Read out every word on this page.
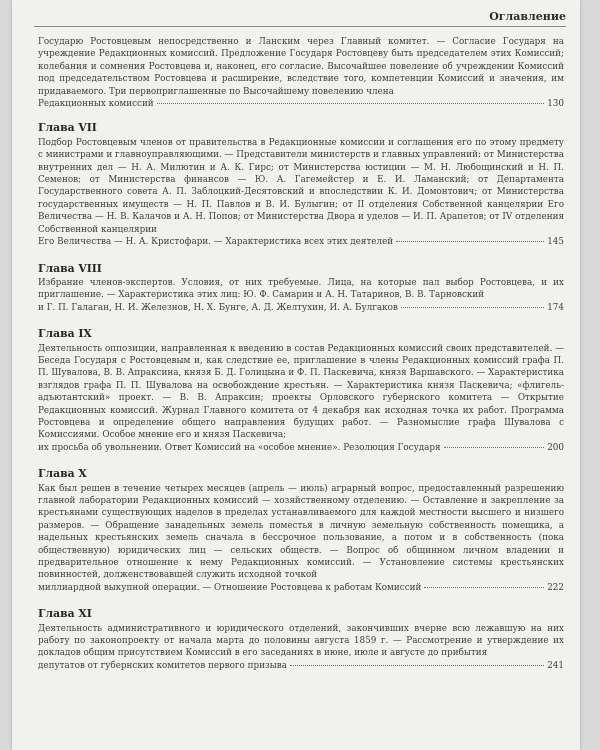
Оглавление
Государю Ростовцевым непосредственно и Ланским через Главный комитет. — Согласие Государя на учреждение Редакционных комиссий. Предложение Государя Ростовцеву быть председателем этих Комиссий; колебания и сомнения Ростовцева и, наконец, его согласие. Высочайшее повеление об учреждении Комиссий под председательством Ростовцева и расширение, вследствие того, компетенции Комиссий и значения, им придаваемого. Три первоприглашенные по Высочайшему повелению члена
Редакционных комиссий	130
Глава VII
Подбор Ростовцевым членов от правительства в Редакционные комиссии и соглашения его по этому предмету с министрами и главноуправляющими. — Представители министерств и главных управлений: от Министерства внутренних дел — Н. А. Милютин и А. К. Гирс; от Министерства юстиции — М. Н. Любощинский и Н. П. Семенов; от Министерства финансов — Ю. А. Гагемейстер и Е. И. Ламанский; от Департамента Государственного совета А. П. Заблоцкий-Десятовский и впоследствии К. И. Домонтович; от Министерства государственных имуществ — Н. П. Павлов и В. И. Булыгин; от II отделения Собственной канцелярии Его Величества — Н. В. Калачов и А. Н. Попов; от Министерства Двора и уделов — И. П. Арапетов; от IV отделения Собственной канцелярии
Его Величества — Н. А. Кристофари. — Характеристика всех этих деятелей	145
Глава VIII
Избрание членов-экспертов. Условия, от них требуемые. Лица, на которые пал выбор Ростовцева, и их приглашение. — Характеристика этих лиц: Ю. Ф. Самарин и А. Н. Татаринов, В. В. Тарновский
и Г. П. Галаган, Н. И. Железнов, Н. Х. Бунге, А. Д. Желтухин, И. А. Булгаков	174
Глава IX
Деятельность оппозиции, направленная к введению в состав Редакционных комиссий своих представителей. — Беседа Государя с Ростовцевым и, как следствие ее, приглашение в члены Редакционных комиссий графа П. П. Шувалова, В. В. Апраксина, князя Б. Д. Голицына и Ф. П. Паскевича, князя Варшавского. — Характеристика взглядов графа П. П. Шувалова на освобождение крестьян. — Характеристика князя Паскевича; «флигель-адъютантский» проект. — В. В. Апраксин; проекты Орловского губернского комитета — Открытие Редакционных комиссий. Журнал Главного комитета от 4 декабря как исходная точка их работ. Программа Ростовцева и определение общего направления будущих работ. — Разномыслие графа Шувалова с Комиссиями. Особое мнение его и князя Паскевича;
их просьба об увольнении. Ответ Комиссий на «особое мнение». Резолюция Государя	200
Глава X
Как был решен в течение четырех месяцев (апрель — июль) аграрный вопрос, предоставленный разрешению главной лаборатории Редакционных комиссий — хозяйственному отделению. — Оставление и закрепление за крестьянами существующих наделов в пределах устанавливаемого для каждой местности высшего и низшего размеров. — Обращение занадельных земель поместья в личную земельную собственность помещика, а надельных крестьянских земель сначала в бессрочное пользование, а потом и в собственность (пока общественную) юридических лиц — сельских обществ. — Вопрос об общинном личном владении и предварительное отношение к нему Редакционных комиссий. — Установление системы крестьянских повинностей, долженствовавшей служить исходной точкой
миллиардной выкупной операции. — Отношение Ростовцева к работам Комиссий	222
Глава XI
Деятельность административного и юридического отделений, закончивших вчерне всю лежавшую на них работу по законопроекту от начала марта до половины августа 1859 г. — Рассмотрение и утверждение их докладов общим присутствием Комиссий в его заседаниях в июне, июле и августе до прибытия
депутатов от губернских комитетов первого призыва	241
